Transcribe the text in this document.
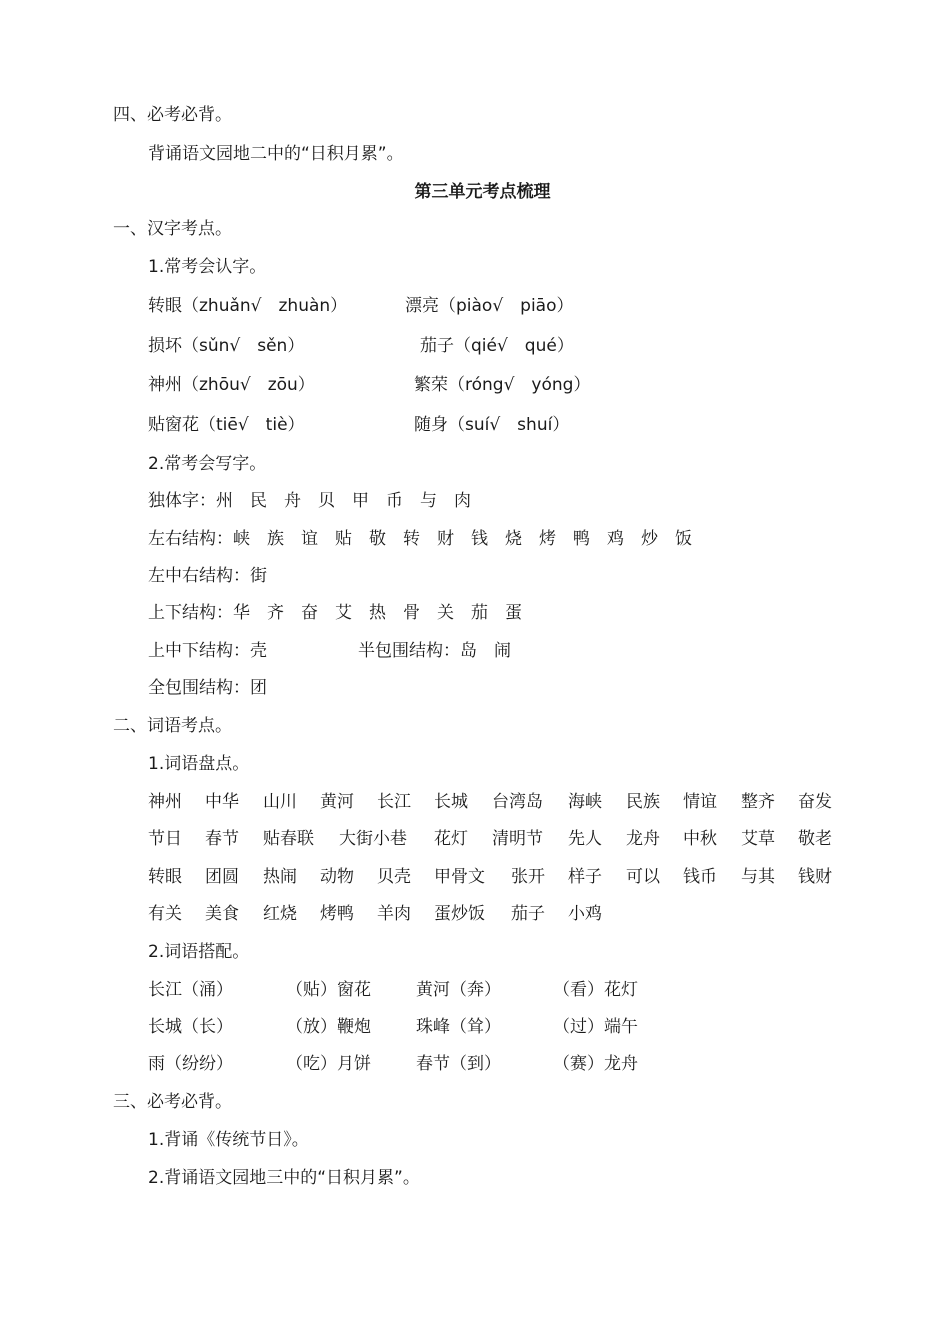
四、必考必背。
背诵语文园地二中的“日积月累”。
第三单元考点梳理
一、汉字考点。
1.常考会认字。
转眼（zhuǎn√　zhuàn）	漂亮（piào√　piāo）
损坏（sǔn√　sěn）	茄子（qié√　qué）
神州（zhōu√　zōu）	繁荣（róng√　yóng）
贴窗花（tiē√　tiè）	随身（suí√　shuí）
2.常考会写字。
独体字：州　民　舟　贝　甲　币　与　肉
左右结构：峡　族　谊　贴　敬　转　财　钱　烧　烤　鸭　鸡　炒　饭
左中右结构：街
上下结构：华　齐　奋　艾　热　骨　关　茄　蛋
上中下结构：壳	半包围结构：岛　闹
全包围结构：团
二、词语考点。
1.词语盘点。
神州 中华 山川 黄河 长江 长城 台湾岛 海峡 民族 情谊 整齐 奋发
节日 春节 贴春联 大街小巷 花灯 清明节 先人 龙舟 中秋 艾草 敬老
转眼 团圆 热闹 动物 贝壳 甲骨文 张开 样子 可以 钱币 与其 钱财
有关 美食 红烧 烤鸭 羊肉 蛋炒饭 茄子 小鸡
2.词语搭配。
长江（涌）	（贴）窗花	黄河（奔）	（看）花灯
长城（长）	（放）鞭炮	珠峰（耸）	（过）端午
雨（纷纷）	（吃）月饼	春节（到）	（赛）龙舟
三、必考必背。
1.背诵《传统节日》。
2.背诵语文园地三中的“日积月累”。
